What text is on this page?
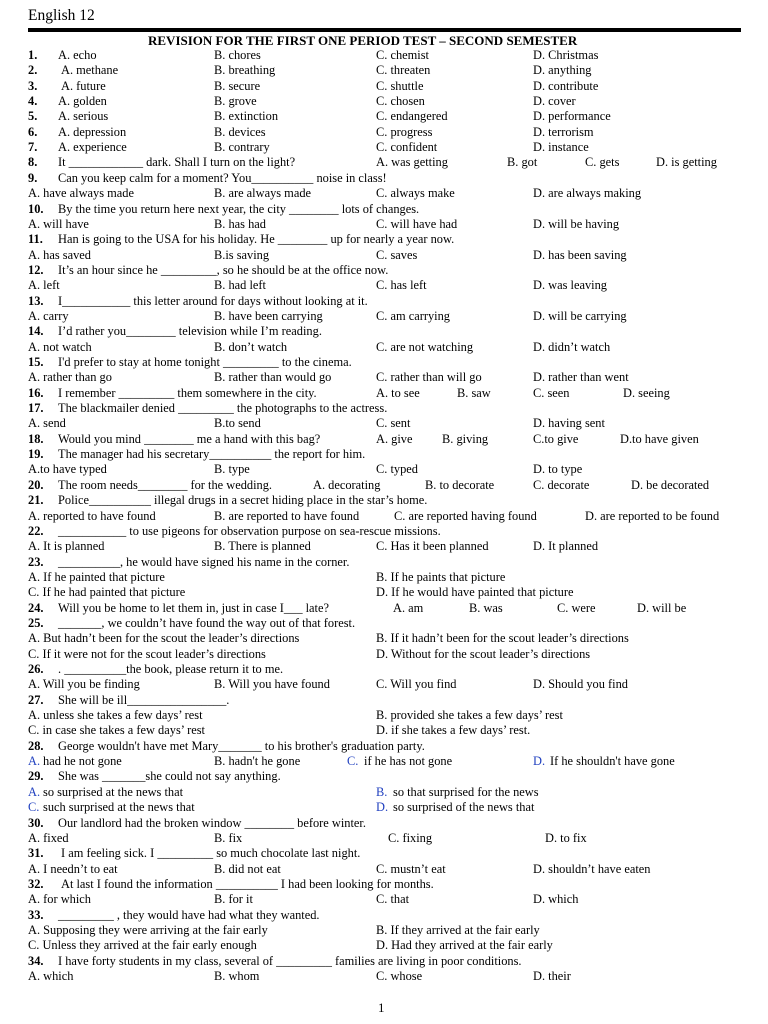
English 12
REVISION FOR THE FIRST ONE PERIOD TEST – SECOND SEMESTER
1. A. echo	B. chores	C. chemist	D. Christmas
2. A. methane	B. breathing	C. threaten	D. anything
3. A. future	B. secure	C. shuttle	D. contribute
4. A. golden	B. grove	C. chosen	D. cover
5. A. serious	B. extinction	C. endangered	D. performance
6. A. depression	B. devices	C. progress	D. terrorism
7. A. experience	B. contrary	C. confident	D. instance
8. It ____________ dark. Shall I turn on the light?	A. was getting	B. got	C. gets	D. is getting
9. Can you keep calm for a moment? You__________ noise in class!
A. have always made	B. are always made	C. always make	D. are always making
10. By the time you return here next year, the city ________ lots of changes.
A. will have	B. has had	C. will have had	D. will be having
11. Han is going to the USA for his holiday. He ________ up for nearly a year now.
A. has saved	B.is saving	C. saves	D. has been saving
12. It’s an hour since he _________, so he should be at the office now.
A. left	B. had left	C. has left	D. was leaving
13. I___________ this letter around for days without looking at it.
A. carry	B. have been carrying	C. am carrying	D. will be carrying
14. I’d rather you________ television while I’m reading.
A. not watch	B. don’t watch	C. are not watching	D. didn’t watch
15. I'd prefer to stay at home tonight _________ to the cinema.
A. rather than go	B. rather than would go	C. rather than will go	D. rather than went
16. I remember _________ them somewhere in the city.	A. to see	B. saw	C. seen	D. seeing
17. The blackmailer denied _________ the photographs to the actress.
A. send	B.to send	C. sent	D. having sent
18. Would you mind ________ me a hand with this bag?	A. give B. giving	C.to give	D.to have given
19. The manager had his secretary__________ the report for him.
A.to have typed	B. type	C. typed	D. to type
20. The room needs________ for the wedding.	A. decorating	B. to decorate	C. decorate	D. be decorated
21. Police__________ illegal drugs in a secret hiding place in the star’s home.
A. reported to have found	B. are reported to have found	C. are reported having found	D. are reported to be found
22. ___________ to use pigeons for observation purpose on sea-rescue missions.
A. It is planned	B. There is planned	C. Has it been planned	D. It planned
23. __________, he would have signed his name in the corner.
A. If he painted that picture	B. If he paints that picture
C. If he had painted that picture	D. If he would have painted that picture
24. Will you be home to let them in, just in case I___ late?	A. am	B. was	C. were	D. will be
25. _______, we couldn’t have found the way out of that forest.
A. But hadn’t been for the scout the leader’s directions	B. If it hadn’t been for the scout leader’s directions
C. If it were not for the scout leader’s directions	D. Without for the scout leader’s directions
26. . __________the book, please return it to me.
A. Will you be finding	B. Will you have found	C. Will you find	D. Should you find
27. She will be ill________________.
A. unless she takes a few days’ rest	B. provided she takes a few days’ rest
C. in case she takes a few days’ rest	D. if she takes a few days’ rest.
28. George wouldn't have met Mary_______ to his brother's graduation party.
A. had he not gone	B. hadn't he gone	C. if he has not gone	D. If he shouldn't have gone
29. She was _______she could not say anything.
A. so surprised at the news that	B. so that surprised for the news
C. such surprised at the news that	D. so surprised of the news that
30. Our landlord had the broken window ________ before winter.
A. fixed	B. fix	C. fixing	D. to fix
31. I am feeling sick. I _________ so much chocolate last night.
A. I needn’t to eat	B. did not eat	C. mustn’t eat	D. shouldn’t have eaten
32. At last I found the information __________ I had been looking for months.
A. for which	B. for it	C. that	D. which
33. _________ , they would have had what they wanted.
A. Supposing they were arriving at the fair early	B. If they arrived at the fair early
C. Unless they arrived at the fair early enough	D. Had they arrived at the fair early
34. I have forty students in my class, several of _________ families are living in poor conditions.
A. which	B. whom	C. whose	D. their
1
